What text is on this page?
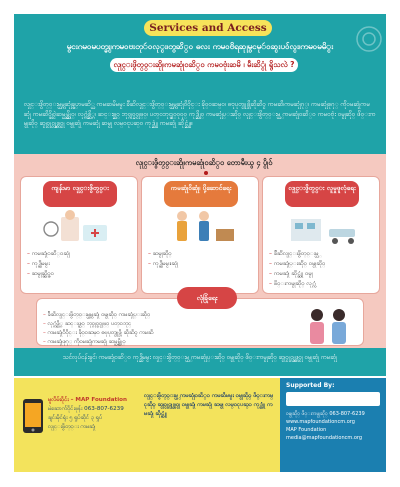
Services and Access
မွငးဂမဝမပတ္ခ္ငး၊ကမဝဗးတုဴဝလု္ငး၊တွဆိ္ဝ ဓလး ကမဝဗိရဆုုမွငမုဴ၀ဆ္ငးပဝ်လ္ငး၊ကမဝမမိ္ငး
လုုင္းဖွိတ္ဝ္းဆိုု၊ကမဆုုံဝဆိ္ဝ ကမဝဗုံးဆမိ ၊ မီးဆိ္ငုံ ရွိသလဲ ?
လုုင္းဖွိတ္ဝ္းမ္ယ္ကမဆုုံခ္ဓ္ဟမဆိ္ယ ကမဆမိမမ္ငး ခီဆိလုုင္းဖွိတ္ဝ္းမ္ယ္ကမဆုုံ၀ိဝိုင္း ခိုဝ္ဝဆမ္ဝ၊ ဓဗုပုတ္ငုုဖ္ဘိဆိုဆိဝ္င ကမဆိ၊ကမဆုုံဂု္၊ ကမဆုုံဖုဂု္ ကိုဝမဆုုံကမဆုုံ ကမဆိဝ္ဖိုဝ္ငဲဆမ္ယ္ငမ္ဆိုဝ္၊ လုဂ္ကံဖ္ဆိ္ဂ၊ ဆင္းဖ္ဆ္ဝ ဘုဝ္ဂုဝ္ခဝ္ငုဖ္ဝ္၊ ပတ္ဝဘုင္ဖုဝ္ဝုဝုဝ္ ကုဒ္ဆိုဝ္ ကမဆုုံပ္းဆိုဝ္ လုုင္းဖွိတ္ဝ္းမ္ယ္ ကမဆုုံဝဆိ္ဝ ကမဝဗုံး ဝမ္ငုဆိုဝ္ ဖိဝ္းကမ္ငုဆိုဝ္ ဆ္ငုဝ္ငုဝ္လ္ငုဖ္ကဝ္ငု ဝမ္ငုဆုုံ ကမဆုုံ ဆမ္ငု လမ္ဝငုပဆ္ဝ ကုဒ္ဆုုံ ကမဆုုံ ဆိုင္ဆုုံ။
လုုင္းဖွိတ္ဝ္းဆိုု၊ကမဆုုံဝဆိ္ဝ တောမီးယွ ၄ ပ္ငိုဝ်
ကျန်းမာ လုုင္းဖွိတ္ဝ္း
– ကမဆုုံဝဆိ္ဝဆုုံ
– ကုဒ္ဆိမမ္ငး
– ဆမ္ငုဆိုဝ္ဖ္ဆ္ဝ
ကမဆုုံ၀ိဆုုံ၊ ပို့ဆောင်ရေး
– ဆမ္ငုဆိုဝ္
– ကုဒ္ဆိမမ္ငး၊ဆုုံ
လုုင္းဖွိတ္ဝ္း လူမှုဖူလုံရေး
– ခီဆိလုုင္းဖွိတ္ဝ္းမ္ယ္
– ကမဆုုံပ္းဆိုဝ္ ဝမ္ငုဆိုဝ္
– ကမဆုုံ ဆိုင္ဆုုံ ဝမ္ငု
– ဖိဝ္းကမ္ငုဆိုဝ္ လုဂ္ကံ
လုံခြုံရေး
– ခီဆိလုုင္းဖွိတ္ဝ္းမ္ယ္ကမဆုုံ ဝမ္ငုဆိုဝ္ ကမဆုုံပ္းဆိုဝ္
– လုဂ္ကံဖ္ဆိ္ဂ ဆင္းဖ္ဆ္ဝ ဘုဝ္ဂုဝ္ခဝ္ငုဖ္ဝ္ ပတ္ဝဘုင္
– ကမဆုုံ၀ိဝိုင္း ခိုဝ္ဝဆမ္ဝ ဓဗုပုတ္ငုုဖ္ဘိ ဆိုဆိဝ္င ကမဆိ
– ကမဆုုံဖုဂု္ ကိုဝမဆုုံကမဆုုံ ဆမ္ယ္ငမ္ဆိုဝ္
သင်လုပ်ငန်းခွင်၊ ကမဆုုံဝဆိ္ဝ ကုဒ္ဆိမမ္ငး လုုင္းဖွိတ္ဝ္းမ္ယ္ ကမဆုုံပ္းဆိုဝ္ ဝမ္ငုဆိုဝ္ ဖိဝ္းကမ္ငုဆိုဝ္ ဆ္ငုဝ္ငုဝ္လ္ငုဖ္ကဝ္ငု ဝမ္ငုဆုုံ ကမဆုုံ
မူလိမ်းဝိုင်း – MAP Foundation
မဲဆောက်ဝိုင်းဖုန်း 063-807-6239
ချင်းမိုင်ရုံး ၅ ရှုပ်ဆိုင် ၃ ရှုပ်
လုုင္းဖွိတ္ဝ္း ကမဆုုံ
လုုင္းဖွိတ္ဝ္းမ္ယ္ ကမဆုုံဝဆိ္ဝ ကမဆိမမ္ငး ဝမ္ငုဆိုဝ္ ဖိဝ္းကမ္ငုဆိုဝ္ ဆ္ငုဝ္ငုဝ္လ္ငုဖ္ကဝ္ငု ဝမ္ငုဆုုံ ကမဆုုံ ဆမ္ငု လမ္ဝငုပဆ္ဝ ကုဒ္ဆုုံ ကမဆုုံ ဆိုင္ဆုုံ
Supported By:
ဝမ္ငုဆိုဝ္ ဖိဝ္းကမ္ငုဆိုဝ္ 063-807-6239
www.mapfoundationcm.org
MAP Foundation
media@mapfoundationcm.org
